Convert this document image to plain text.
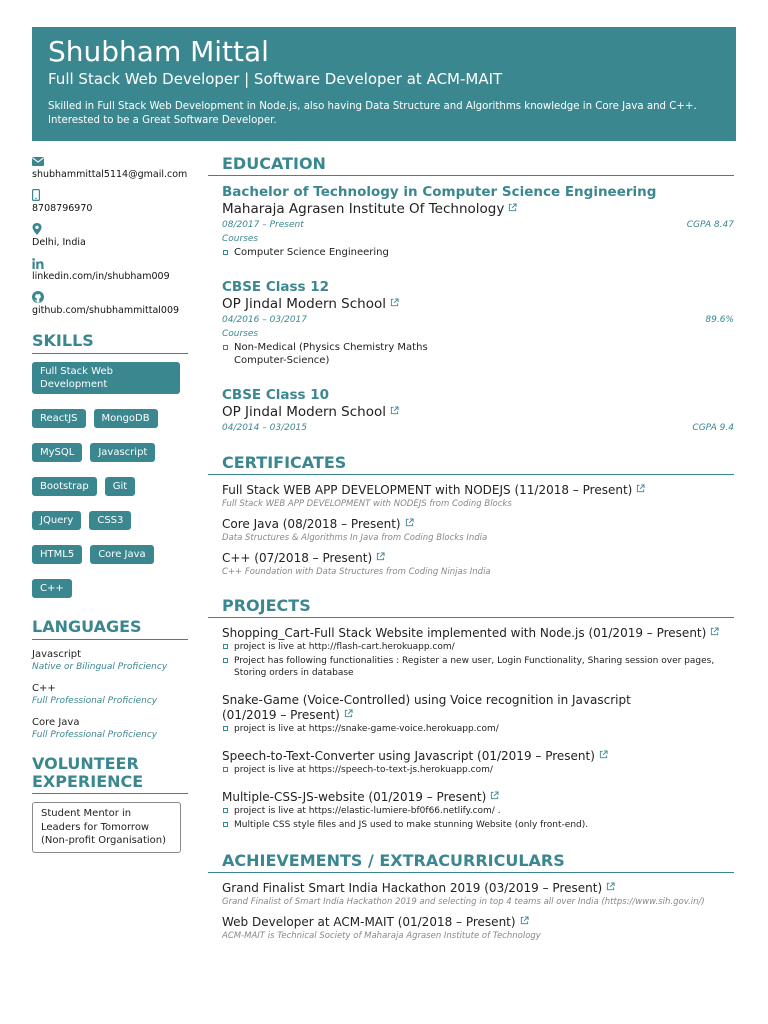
Shubham Mittal
Full Stack Web Developer | Software Developer at ACM-MAIT
Skilled in Full Stack Web Development in Node.js, also having Data Structure and Algorithms knowledge in Core Java and C++. Interested to be a Great Software Developer.
shubhammittal5114@gmail.com
8708796970
Delhi, India
linkedin.com/in/shubham009
github.com/shubhammittal009
SKILLS
Full Stack Web Development
ReactJS	MongoDB
MySQL	Javascript
Bootstrap	Git
JQuery	CSS3
HTML5	Core Java
C++
LANGUAGES
Javascript
Native or Bilingual Proficiency
C++
Full Professional Proficiency
Core Java
Full Professional Proficiency
VOLUNTEER EXPERIENCE
Student Mentor in Leaders for Tomorrow (Non-profit Organisation)
EDUCATION
Bachelor of Technology in Computer Science Engineering
Maharaja Agrasen Institute Of Technology
08/2017 – Present	CGPA 8.47
Courses
Computer Science Engineering
CBSE Class 12
OP Jindal Modern School
04/2016 – 03/2017	89.6%
Courses
Non-Medical (Physics Chemistry Maths Computer-Science)
CBSE Class 10
OP Jindal Modern School
04/2014 – 03/2015	CGPA 9.4
CERTIFICATES
Full Stack WEB APP DEVELOPMENT with NODEJS (11/2018 – Present)
Full Stack WEB APP DEVELOPMENT with NODEJS from Coding Blocks
Core Java (08/2018 – Present)
Data Structures & Algorithms In Java from Coding Blocks India
C++ (07/2018 – Present)
C++ Foundation with Data Structures from Coding Ninjas India
PROJECTS
Shopping_Cart-Full Stack Website implemented with Node.js (01/2019 – Present)
project is live at http://flash-cart.herokuapp.com/
Project has following functionalities : Register a new user, Login Functionality, Sharing session over pages, Storing orders in database
Snake-Game (Voice-Controlled) using Voice recognition in Javascript (01/2019 – Present)
project is live at https://snake-game-voice.herokuapp.com/
Speech-to-Text-Converter using Javascript (01/2019 – Present)
project is live at https://speech-to-text-js.herokuapp.com/
Multiple-CSS-JS-website (01/2019 – Present)
project is live at https://elastic-lumiere-bf0f66.netlify.com/ .
Multiple CSS style files and JS used to make stunning Website (only front-end).
ACHIEVEMENTS / EXTRACURRICULARS
Grand Finalist Smart India Hackathon 2019 (03/2019 – Present)
Grand Finalist of Smart India Hackathon 2019 and selecting in top 4 teams all over India (https://www.sih.gov.in/)
Web Developer at ACM-MAIT (01/2018 – Present)
ACM-MAIT is Technical Society of Maharaja Agrasen Institute of Technology
